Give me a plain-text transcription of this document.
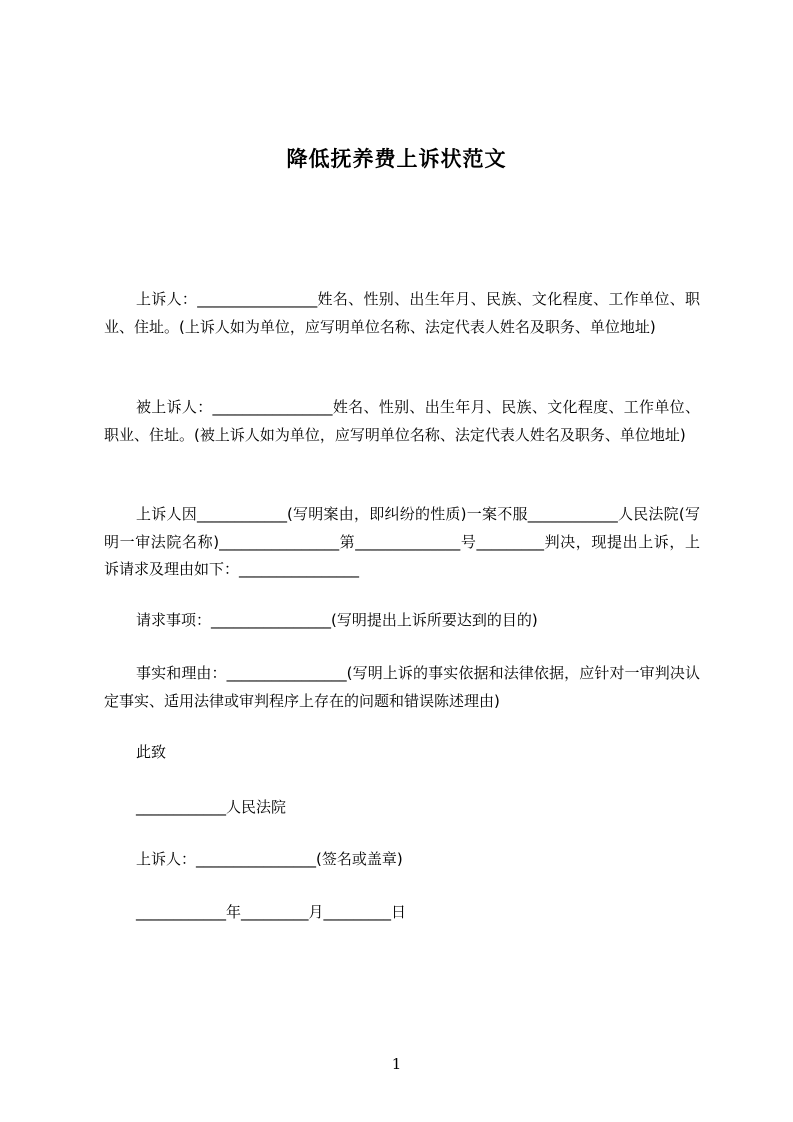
降低抚养费上诉状范文

上诉人：________________姓名、性别、出生年月、民族、文化程度、工作单位、职业、住址。(上诉人如为单位，应写明单位名称、法定代表人姓名及职务、单位地址)

被上诉人：________________姓名、性别、出生年月、民族、文化程度、工作单位、职业、住址。(被上诉人如为单位，应写明单位名称、法定代表人姓名及职务、单位地址)

上诉人因____________(写明案由，即纠纷的性质)一案不服____________人民法院(写明一审法院名称)________________第______________号_________判决，现提出上诉，上诉请求及理由如下：________________

请求事项：________________(写明提出上诉所要达到的目的)

事实和理由：________________(写明上诉的事实依据和法律依据，应针对一审判决认定事实、适用法律或审判程序上存在的问题和错误陈述理由)

此致
____________人民法院
上诉人：________________(签名或盖章)
____________年_________月_________日
1
